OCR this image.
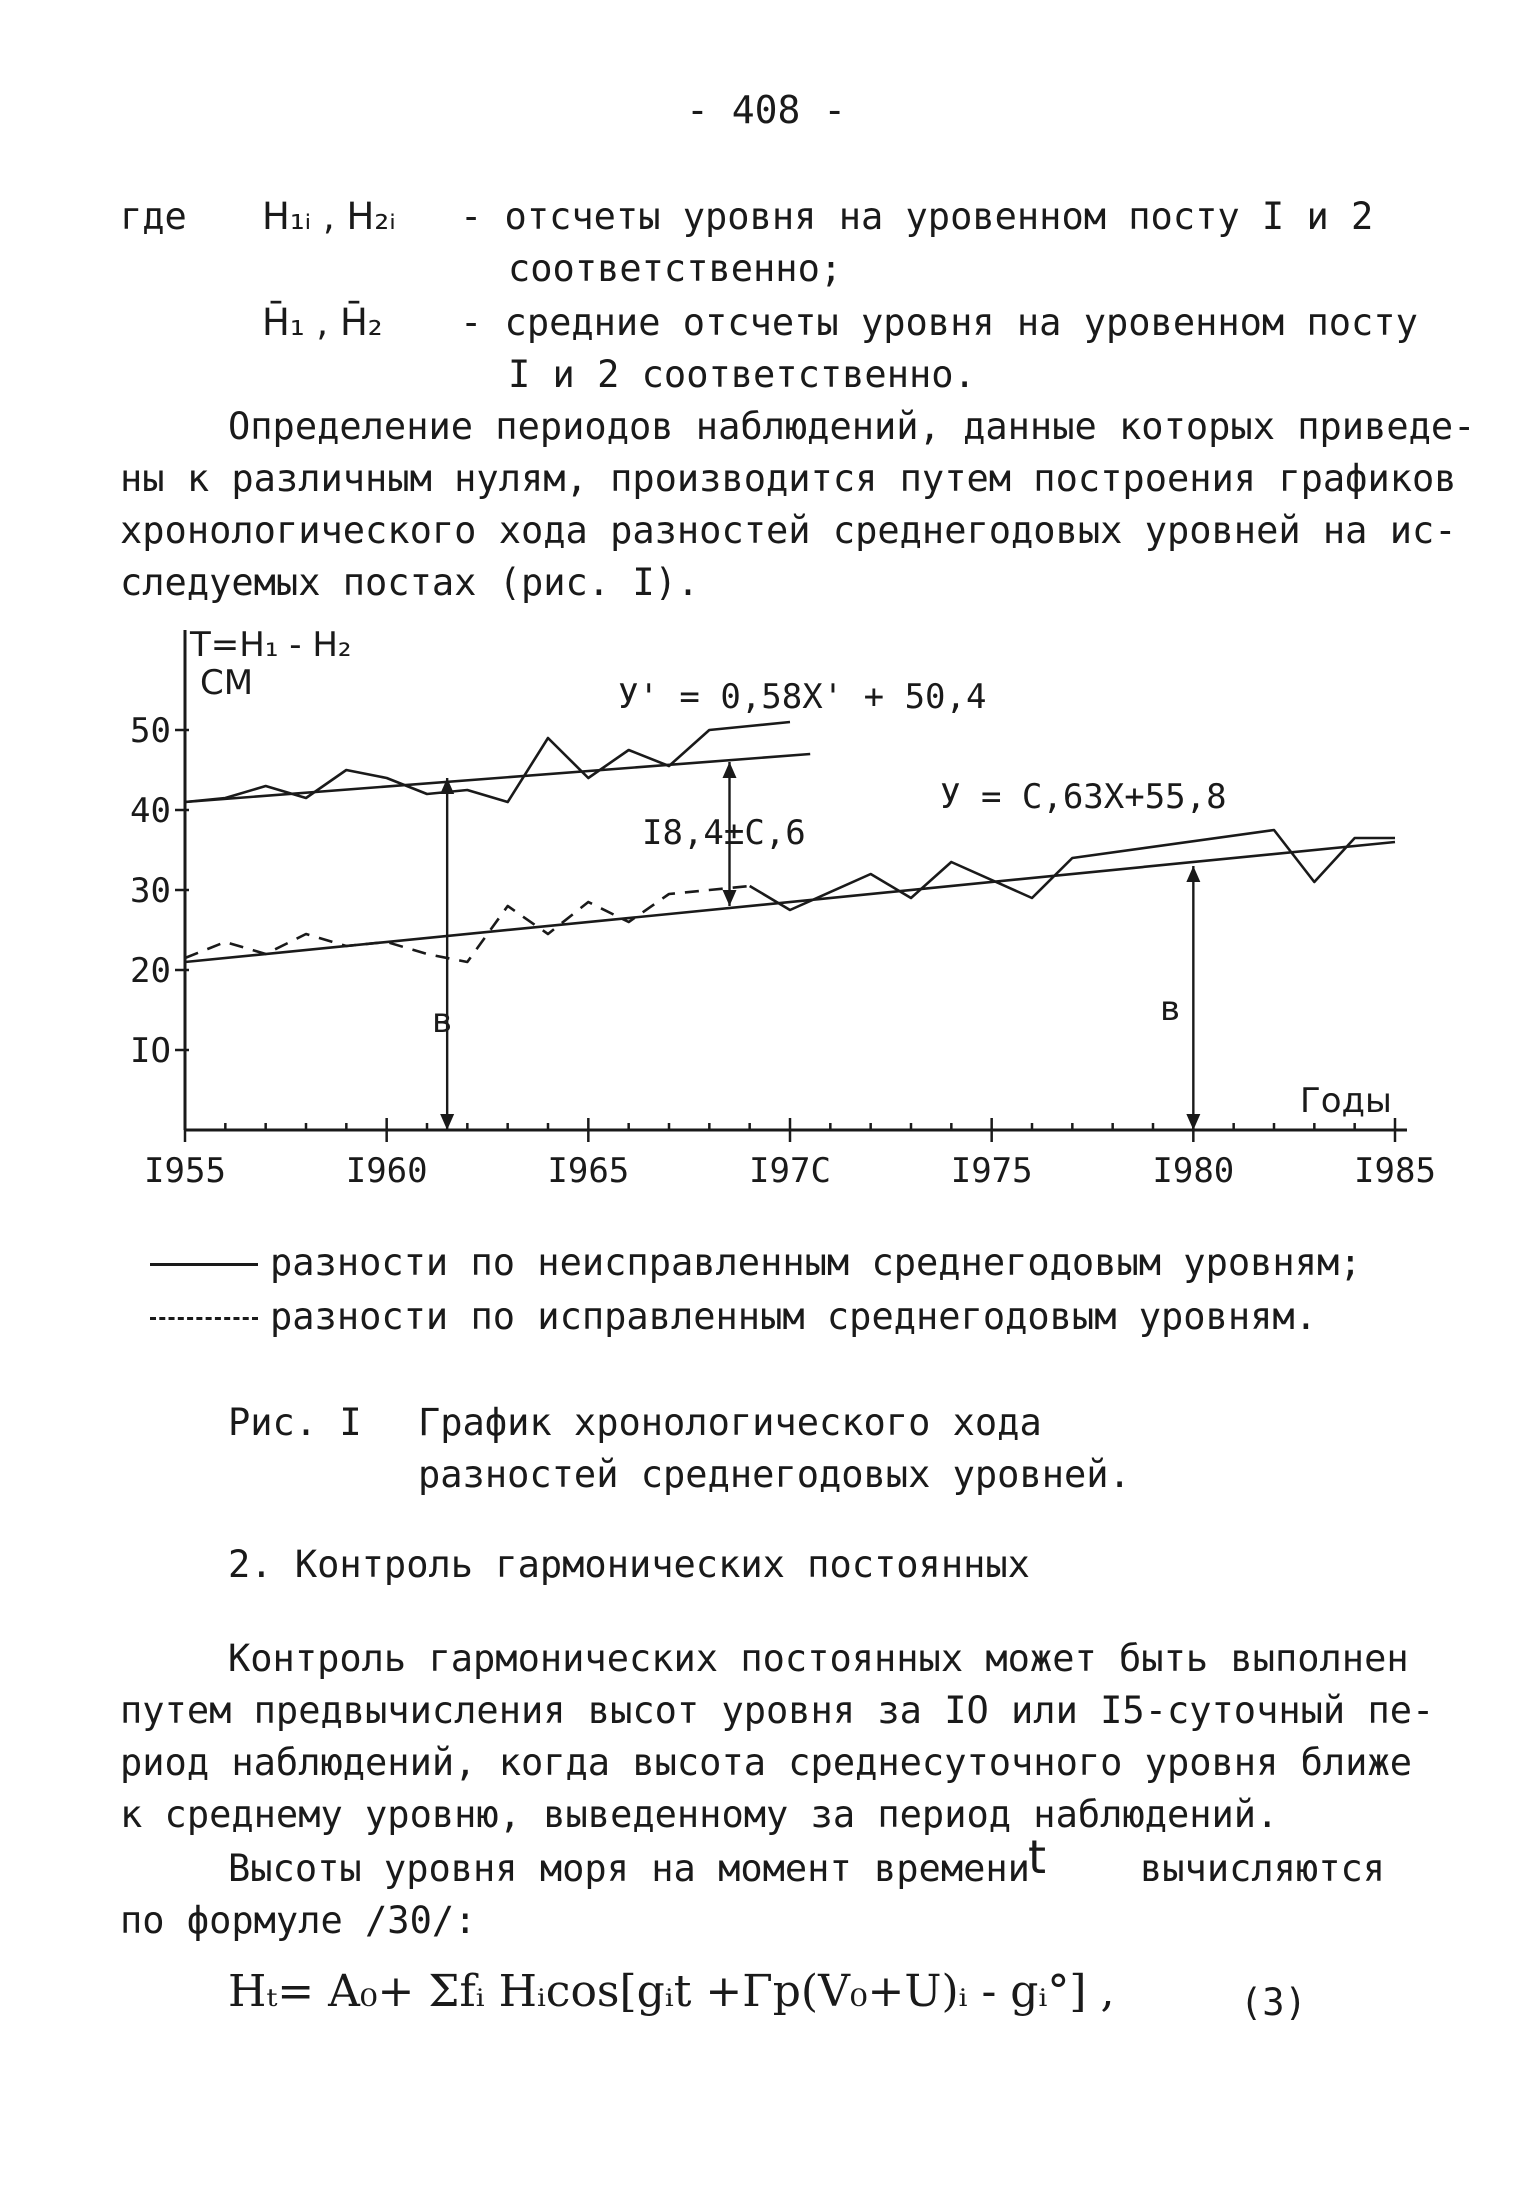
- 408 -
где H₁ᵢ , H₂ᵢ - отсчеты уровня на уровенном посту I и 2
соответственно;
H̄₁ , H̄₂ - средние отсчеты уровня на уровенном посту
I и 2 соответственно.
Определение периодов наблюдений, данные которых приведе-
ны к различным нулям, производится путем построения графиков
хронологического хода разностей среднегодовых уровней на ис-
следуемых постах (рис. I).
I955	I960	I965	I97C	I975	I980	I985
IO
20
30
40
50
T=H₁ - H₂
СМ
Годы
У' = 0,58X' + 50,4
У = C,63X+55,8
I8,4±C,6
в	в
разности по неисправленным среднегодовым уровням;
разности по исправленным среднегодовым уровням.
Рис. I График хронологического хода
разностей среднегодовых уровней.
2. Контроль гармонических постоянных
Контроль гармонических постоянных может быть выполнен
путем предвычисления высот уровня за IO или I5-суточный пе-
риод наблюдений, когда высота среднесуточного уровня ближе
к среднему уровню, выведенному за период наблюдений.
Высоты уровня моря на момент времени
t	вычисляются
по формуле /30/:
Hₜ= A₀+ Σfᵢ Hᵢcos[gᵢt +Γp(V₀+U)ᵢ - gᵢ°] ,	(3)
